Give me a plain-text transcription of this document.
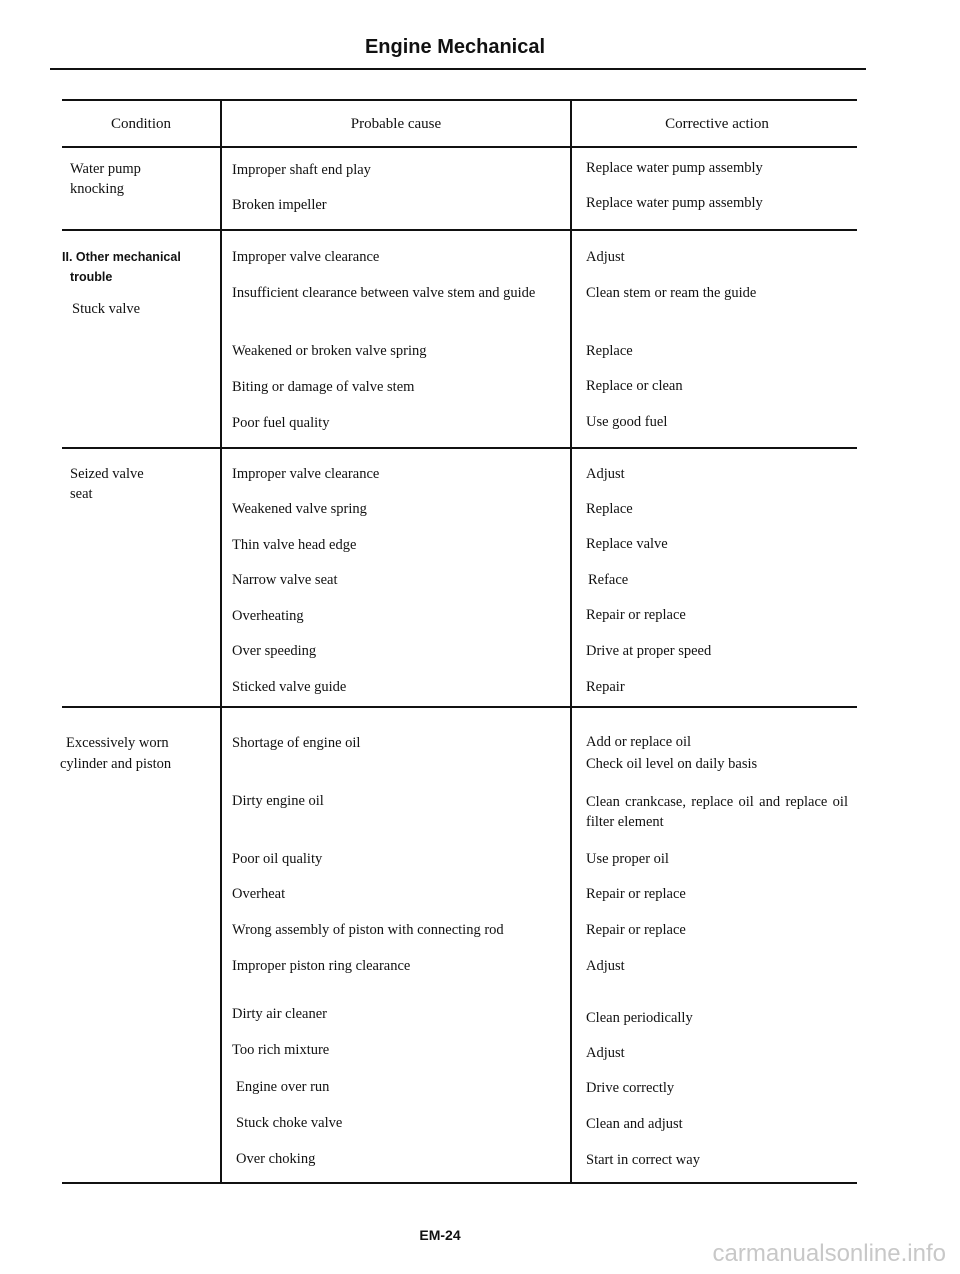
Engine Mechanical
Condition	Probable cause	Corrective action
Water pump
knocking
Improper shaft end play
Broken impeller
Replace water pump assembly
Replace water pump assembly
II. Other mechanical
trouble
Stuck valve
Improper valve clearance
Insufficient clearance between valve stem and guide
Weakened or broken valve spring
Biting or damage of valve stem
Poor fuel quality
Adjust
Clean stem or ream the guide
Replace
Replace or clean
Use good fuel
Seized valve
seat
Improper valve clearance
Weakened valve spring
Thin valve head edge
Narrow valve seat
Overheating
Over speeding
Sticked valve guide
Adjust
Replace
Replace valve
Reface
Repair or replace
Drive at proper speed
Repair
Excessively worn
cylinder and piston
Shortage of engine oil
Dirty engine oil
Poor oil quality
Overheat
Wrong assembly of piston with connecting rod
Improper piston ring clearance
Dirty air cleaner
Too rich mixture
Engine over run
Stuck choke valve
Over choking
Add or replace oil
Check oil level on daily basis
Clean crankcase, replace oil and replace oil filter element
Use proper oil
Repair or replace
Repair or replace
Adjust
Clean periodically
Adjust
Drive correctly
Clean and adjust
Start in correct way
EM-24
carmanualsonline.info
